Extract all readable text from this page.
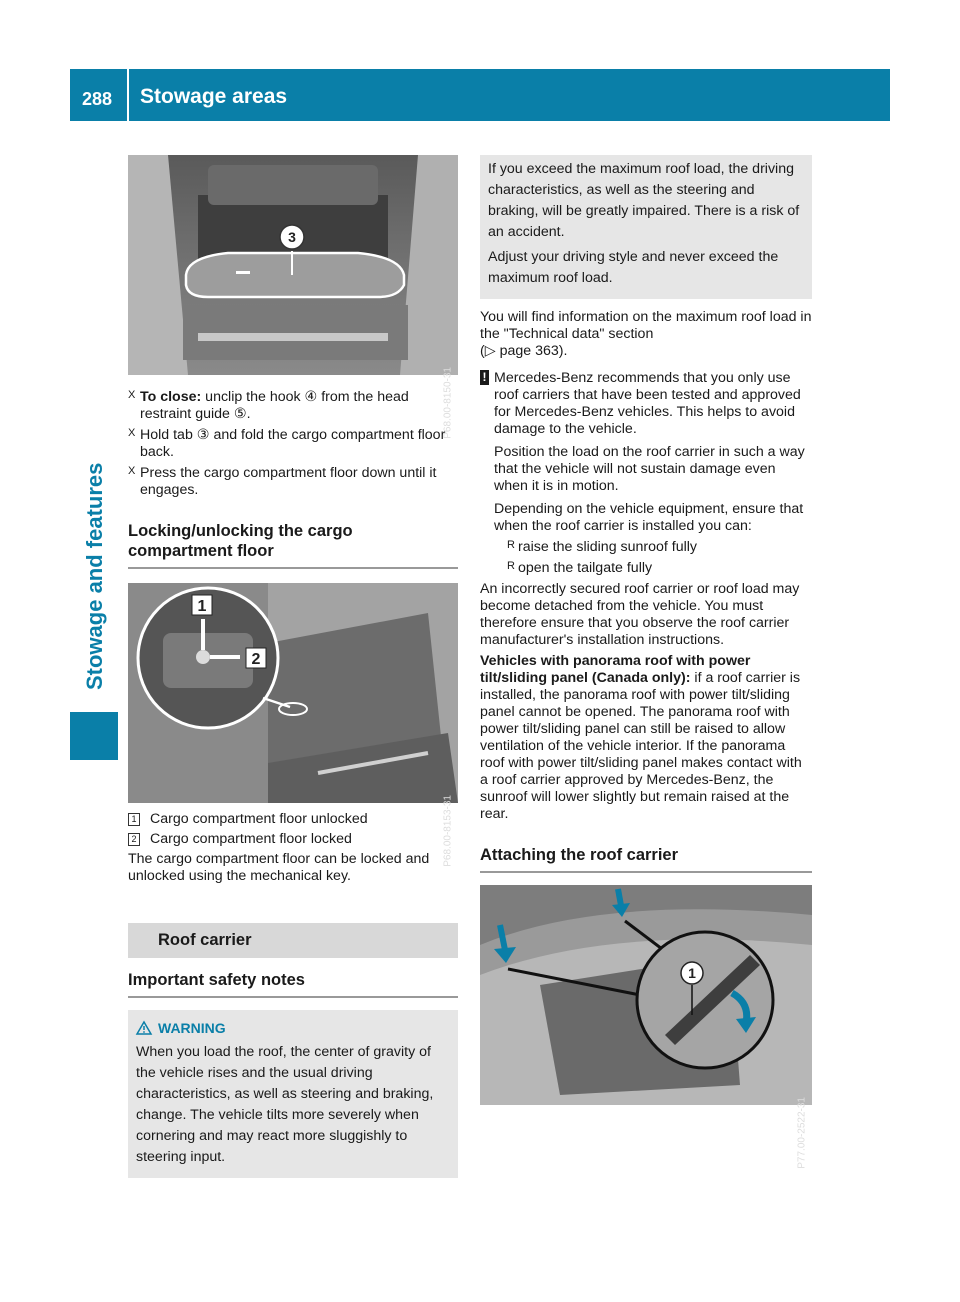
288 Stowage areas
Stowage and features
3
P68.00-8150-31
X To close: unclip the hook ④ from the head restraint guide ⑤.

X Hold tab ③ and fold the cargo compartment floor back.

X Press the cargo compartment floor down until it engages.

Locking/unlocking the cargo compartment floor
1
2
P68.00-8153-31
1 Cargo compartment floor unlocked

2 Cargo compartment floor locked

The cargo compartment floor can be locked and unlocked using the mechanical key.

Roof carrier
Important safety notes
WARNING

When you load the roof, the center of gravity of the vehicle rises and the usual driving characteristics, as well as steering and braking, change. The vehicle tilts more severely when cornering and may react more sluggishly to steering input.

If you exceed the maximum roof load, the driving characteristics, as well as the steering and braking, will be greatly impaired. There is a risk of an accident.

Adjust your driving style and never exceed the maximum roof load.

You will find information on the maximum roof load in the "Technical data" section

(▷ page 363).

! Mercedes-Benz recommends that you only use roof carriers that have been tested and approved for Mercedes-Benz vehicles. This helps to avoid damage to the vehicle.

Position the load on the roof carrier in such a way that the vehicle will not sustain damage even when it is in motion.

Depending on the vehicle equipment, ensure that when the roof carrier is installed you can:

R raise the sliding sunroof fully

R open the tailgate fully

An incorrectly secured roof carrier or roof load may become detached from the vehicle. You must therefore ensure that you observe the roof carrier manufacturer's installation instructions.

Vehicles with panorama roof with power tilt/sliding panel (Canada only): if a roof carrier is installed, the panorama roof with power tilt/sliding panel cannot be opened. The panorama roof with power tilt/sliding panel can still be raised to allow ventilation of the vehicle interior. If the panorama roof with power tilt/sliding panel makes contact with a roof carrier approved by Mercedes-Benz, the sunroof will lower slightly but remain raised at the rear.

Attaching the roof carrier
1
P77.00-2522-31
